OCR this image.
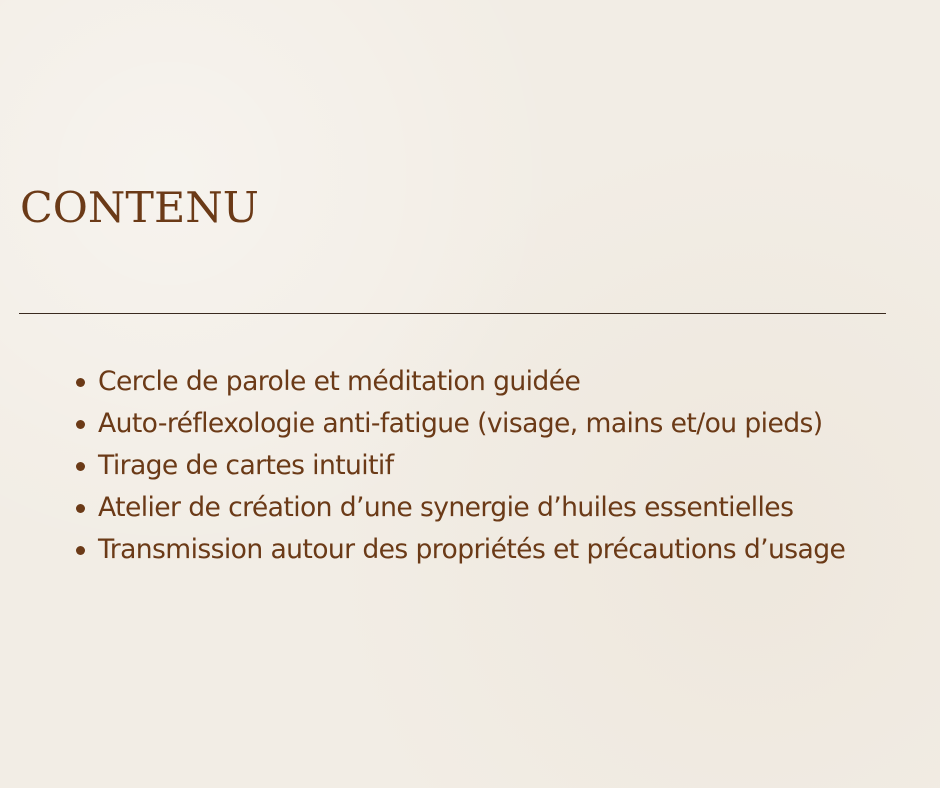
CONTENU
Cercle de parole et méditation guidée
Auto-réflexologie anti-fatigue (visage, mains et/ou pieds)
Tirage de cartes intuitif
Atelier de création d’une synergie d’huiles essentielles
Transmission autour des propriétés et précautions d’usage
